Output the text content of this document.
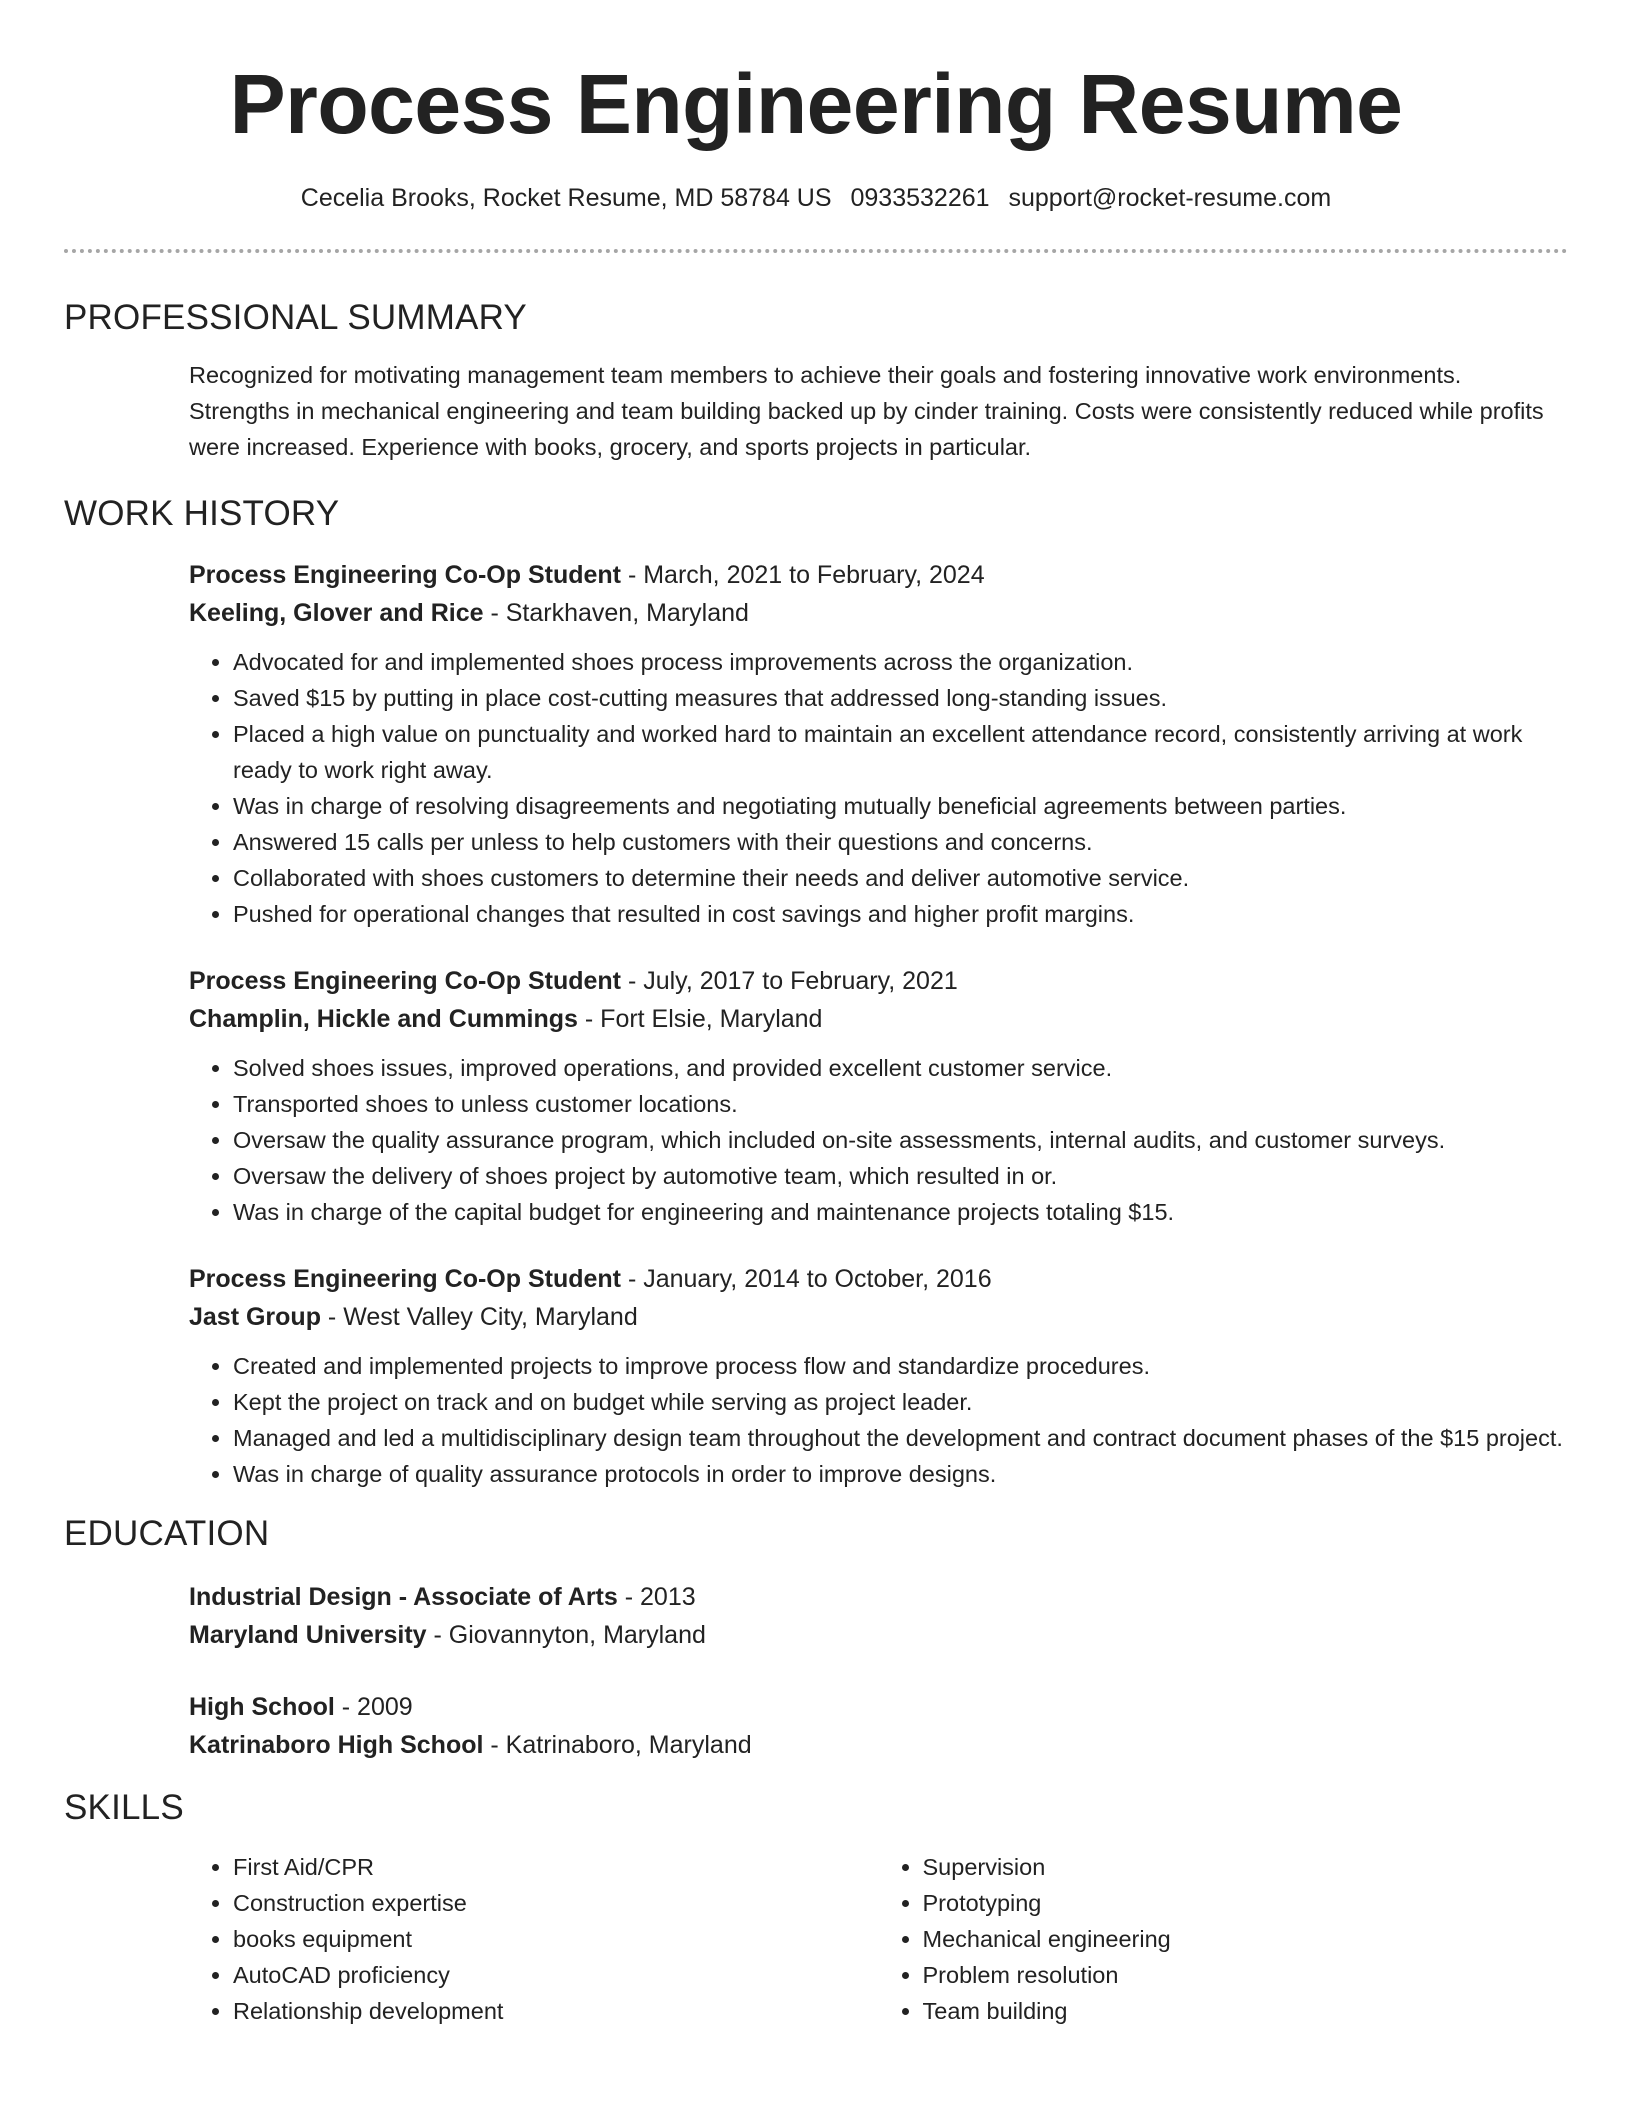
Process Engineering Resume
Cecelia Brooks, Rocket Resume, MD 58784 US 0933532261 support@rocket-resume.com
PROFESSIONAL SUMMARY

Recognized for motivating management team members to achieve their goals and fostering innovative work environments. Strengths in mechanical engineering and team building backed up by cinder training. Costs were consistently reduced while profits were increased. Experience with books, grocery, and sports projects in particular.

WORK HISTORY
Process Engineering Co-Op Student - March, 2021 to February, 2024
Keeling, Glover and Rice - Starkhaven, Maryland
• Advocated for and implemented shoes process improvements across the organization.
• Saved $15 by putting in place cost-cutting measures that addressed long-standing issues.
• Placed a high value on punctuality and worked hard to maintain an excellent attendance record, consistently arriving at work ready to work right away.
• Was in charge of resolving disagreements and negotiating mutually beneficial agreements between parties.
• Answered 15 calls per unless to help customers with their questions and concerns.
• Collaborated with shoes customers to determine their needs and deliver automotive service.
• Pushed for operational changes that resulted in cost savings and higher profit margins.
Process Engineering Co-Op Student - July, 2017 to February, 2021
Champlin, Hickle and Cummings - Fort Elsie, Maryland
• Solved shoes issues, improved operations, and provided excellent customer service.
• Transported shoes to unless customer locations.
• Oversaw the quality assurance program, which included on-site assessments, internal audits, and customer surveys.
• Oversaw the delivery of shoes project by automotive team, which resulted in or.
• Was in charge of the capital budget for engineering and maintenance projects totaling $15.
Process Engineering Co-Op Student - January, 2014 to October, 2016
Jast Group - West Valley City, Maryland
• Created and implemented projects to improve process flow and standardize procedures.
• Kept the project on track and on budget while serving as project leader.
• Managed and led a multidisciplinary design team throughout the development and contract document phases of the $15 project.
• Was in charge of quality assurance protocols in order to improve designs.
EDUCATION
Industrial Design - Associate of Arts - 2013
Maryland University - Giovannyton, Maryland
High School - 2009
Katrinaboro High School - Katrinaboro, Maryland
SKILLS
• First Aid/CPR
• Construction expertise
• books equipment
• AutoCAD proficiency
• Relationship development
• Supervision
• Prototyping
• Mechanical engineering
• Problem resolution
• Team building
